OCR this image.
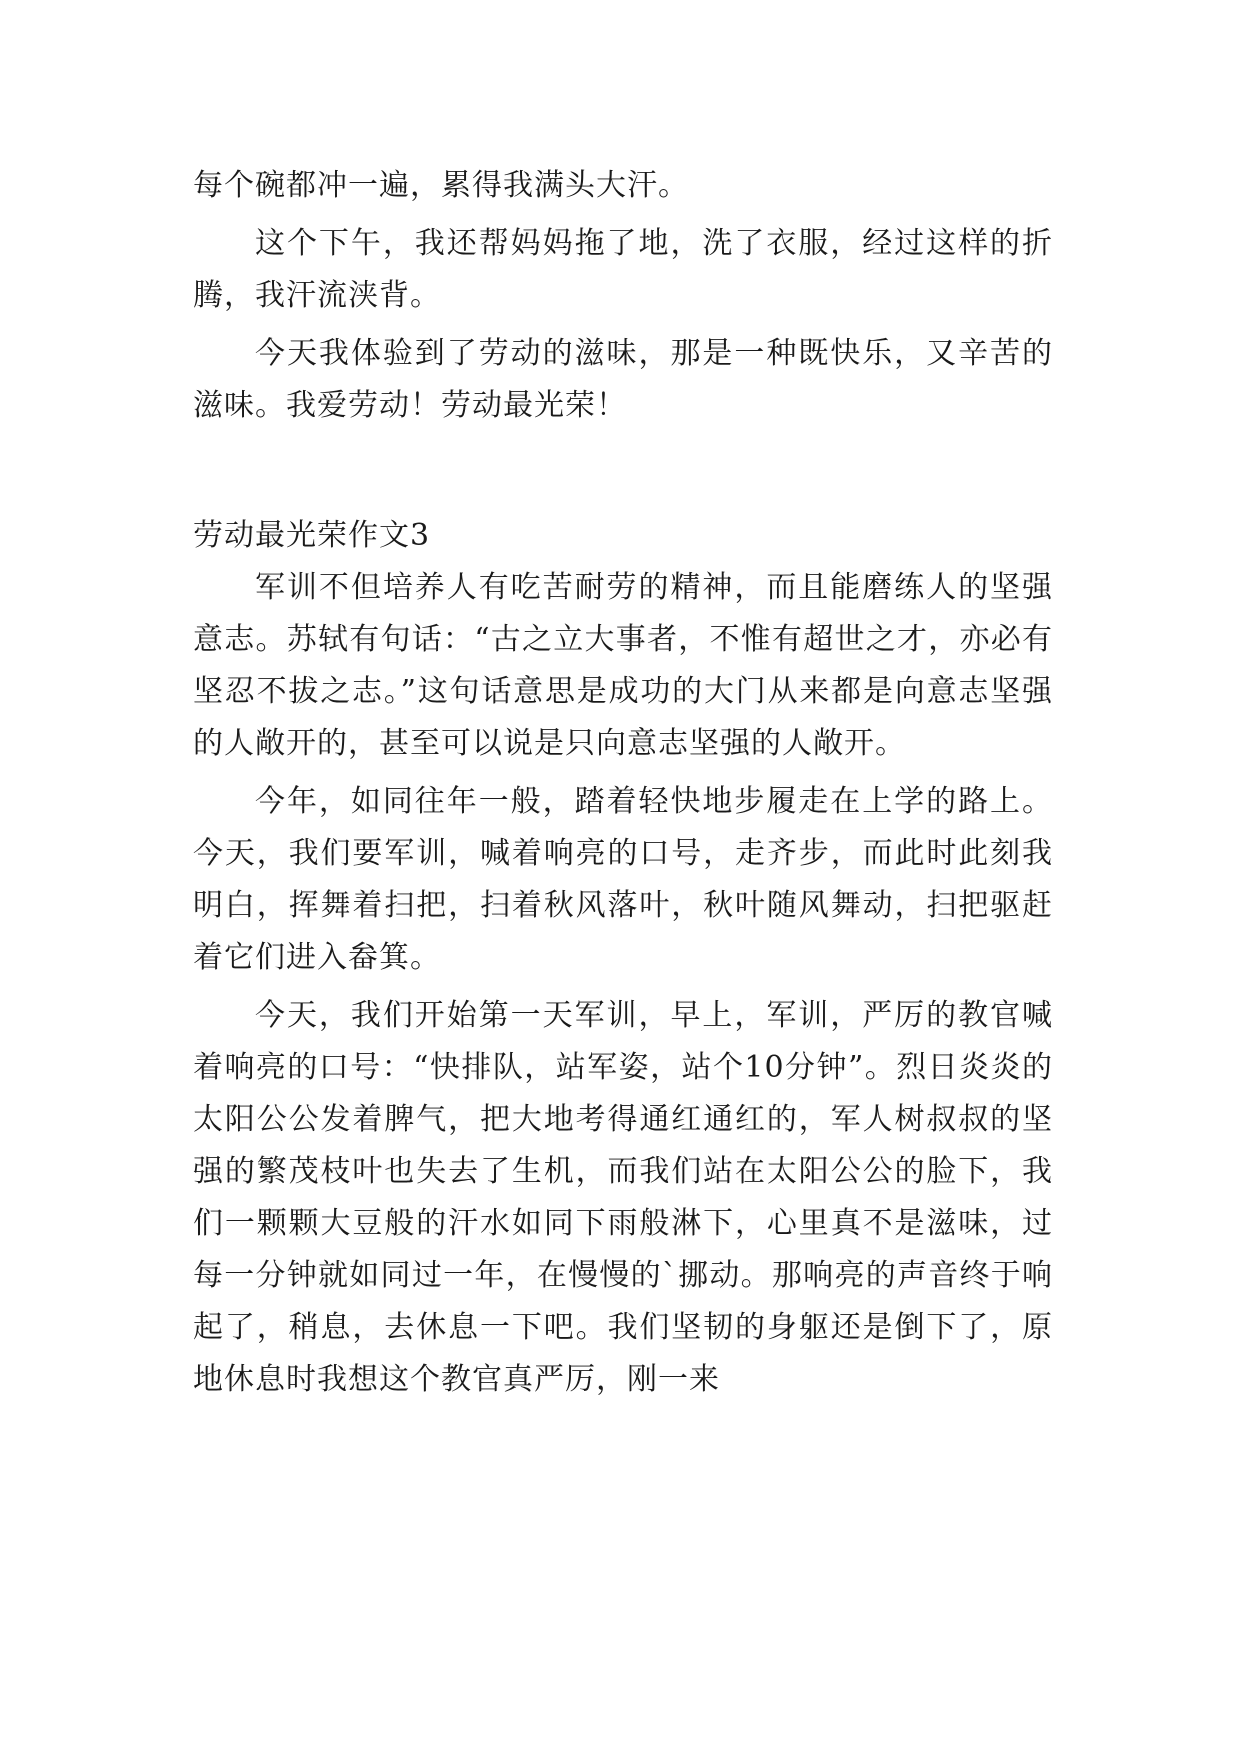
每个碗都冲一遍，累得我满头大汗。

这个下午，我还帮妈妈拖了地，洗了衣服，经过这样的折腾，我汗流浃背。

今天我体验到了劳动的滋味，那是一种既快乐，又辛苦的滋味。我爱劳动！劳动最光荣！

劳动最光荣作文3

军训不但培养人有吃苦耐劳的精神，而且能磨练人的坚强意志。苏轼有句话：“古之立大事者，不惟有超世之才，亦必有坚忍不拔之志。”这句话意思是成功的大门从来都是向意志坚强的人敞开的，甚至可以说是只向意志坚强的人敞开。

今年，如同往年一般，踏着轻快地步履走在上学的路上。今天，我们要军训，喊着响亮的口号，走齐步，而此时此刻我明白，挥舞着扫把，扫着秋风落叶，秋叶随风舞动，扫把驱赶着它们进入畚箕。

今天，我们开始第一天军训，早上，军训，严厉的教官喊着响亮的口号：“快排队，站军姿，站个10分钟”。烈日炎炎的太阳公公发着脾气，把大地考得通红通红的，军人树叔叔的坚强的繁茂枝叶也失去了生机，而我们站在太阳公公的脸下，我们一颗颗大豆般的汗水如同下雨般淋下，心里真不是滋味，过每一分钟就如同过一年，在慢慢的`挪动。那响亮的声音终于响起了，稍息，去休息一下吧。我们坚韧的身躯还是倒下了，原地休息时我想这个教官真严厉，刚一来
